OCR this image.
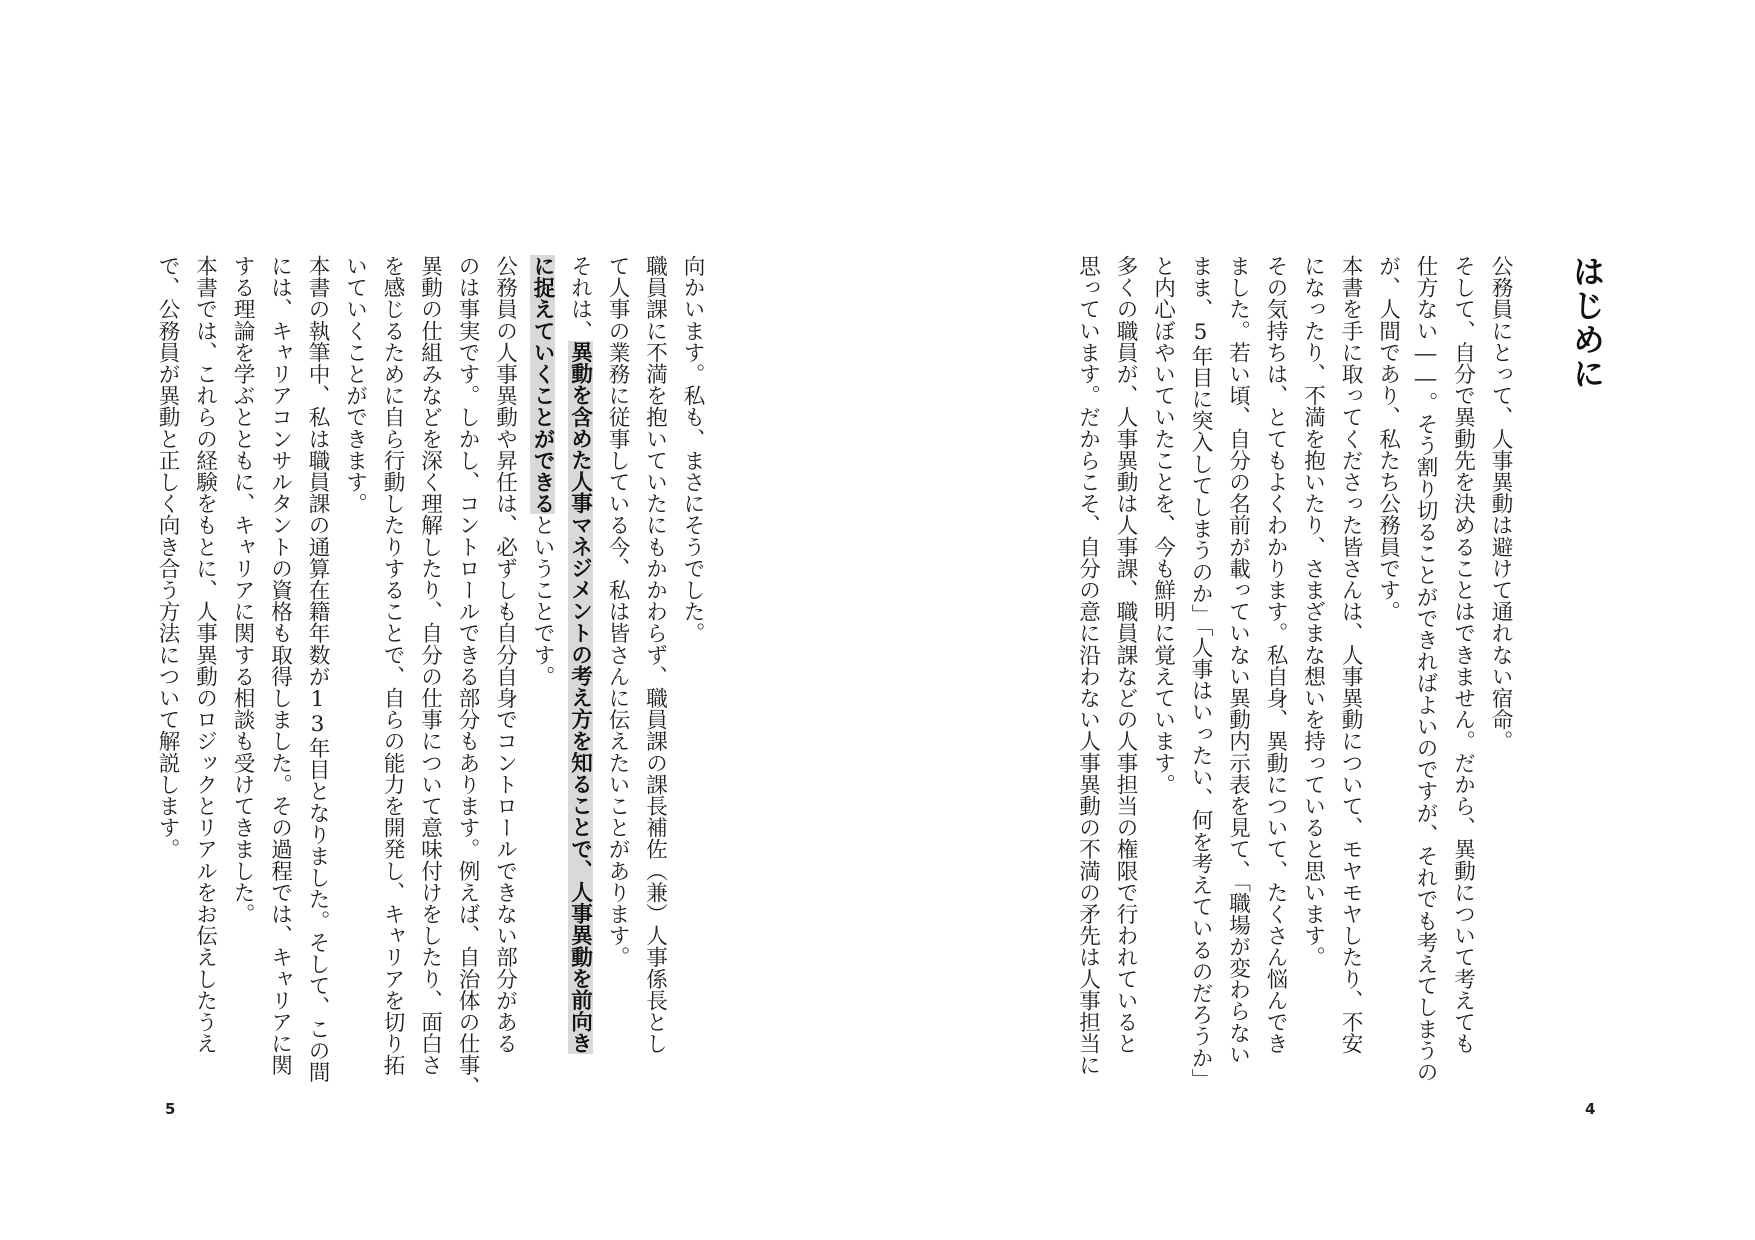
向かいます。私も、まさにそうでした。
職員課に不満を抱いていたにもかかわらず、職員課の課長補佐（兼）人事係長とし
て人事の業務に従事している今、私は皆さんに伝えたいことがあります。
それは、異動を含めた人事マネジメントの考え方を知ることで、人事異動を前向き
に捉えていくことができるということです。
公務員の人事異動や昇任は、必ずしも自分自身でコントロールできない部分がある
のは事実です。しかし、コントロールできる部分もあります。例えば、自治体の仕事、
異動の仕組みなどを深く理解したり、自分の仕事について意味付けをしたり、面白さ
を感じるために自ら行動したりすることで、自らの能力を開発し、キャリアを切り拓
いていくことができます。
本書の執筆中、私は職員課の通算在籍年数が13年目となりました。そして、この間
には、キャリアコンサルタントの資格も取得しました。その過程では、キャリアに関
する理論を学ぶとともに、キャリアに関する相談も受けてきました。
本書では、これらの経験をもとに、人事異動のロジックとリアルをお伝えしたうえ
で、公務員が異動と正しく向き合う方法について解説します。
5
はじめに
公務員にとって、人事異動は避けて通れない宿命。
そして、自分で異動先を決めることはできません。だから、異動について考えても
仕方ない――。そう割り切ることができればよいのですが、それでも考えてしまうの
が、人間であり、私たち公務員です。
本書を手に取ってくださった皆さんは、人事異動について、モヤモヤしたり、不安
になったり、不満を抱いたり、さまざまな想いを持っていると思います。
その気持ちは、とてもよくわかります。私自身、異動について、たくさん悩んでき
ました。若い頃、自分の名前が載っていない異動内示表を見て、「職場が変わらない
まま、5年目に突入してしまうのか」「人事はいったい、何を考えているのだろうか」
と内心ぼやいていたことを、今も鮮明に覚えています。
多くの職員が、人事異動は人事課、職員課などの人事担当の権限で行われていると
思っています。だからこそ、自分の意に沿わない人事異動の不満の矛先は人事担当に
4
